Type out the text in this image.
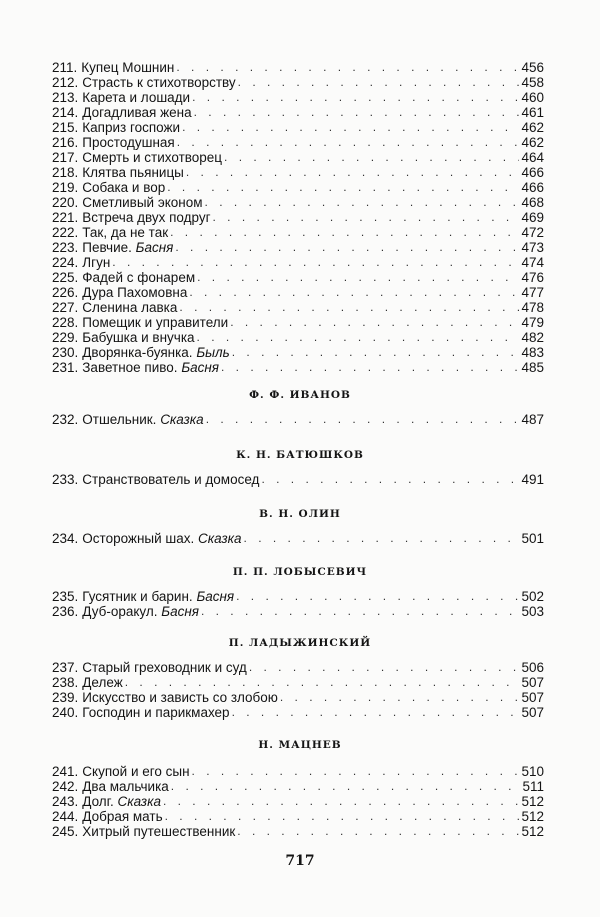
211. Купец Мошнин . . .	456
212. Страсть к стихотворству . . .	458
213. Карета и лошади . . .	460
214. Догадливая жена . . .	461
215. Каприз госпожи . . .	462
216. Простодушная . . .	462
217. Смерть и стихотворец . . .	464
218. Клятва пьяницы . . .	466
219. Собака и вор . . .	466
220. Сметливый эконом . . .	468
221. Встреча двух подруг . . .	469
222. Так, да не так . . .	472
223. Певчие. Басня . . .	473
224. Лгун . . .	474
225. Фадей с фонарем . . .	476
226. Дура Пахомовна . . .	477
227. Сленина лавка . . .	478
228. Помещик и управители . . .	479
229. Бабушка и внучка . . .	482
230. Дворянка-буянка. Быль . . .	483
231. Заветное пиво. Басня . . .	485
Ф. Ф. ИВАНОВ
232. Отшельник. Сказка . . .	487
К. Н. БАТЮШКОВ
233. Странствователь и домосед . . .	491
В. Н. ОЛИН
234. Осторожный шах. Сказка . . .	501
П. П. ЛОБЫСЕВИЧ
235. Гусятник и барин. Басня . . .	502
236. Дуб-оракул. Басня . . .	503
П. ЛАДЫЖИНСКИЙ
237. Старый греховодник и суд . . .	506
238. Дележ . . .	507
239. Искусство и зависть со злобою . . .	507
240. Господин и парикмахер . . .	507
Н. МАЦНЕВ
241. Скупой и его сын . . .	510
242. Два мальчика . . .	511
243. Долг. Сказка . . .	512
244. Добрая мать . . .	512
245. Хитрый путешественник . . .	512
717
